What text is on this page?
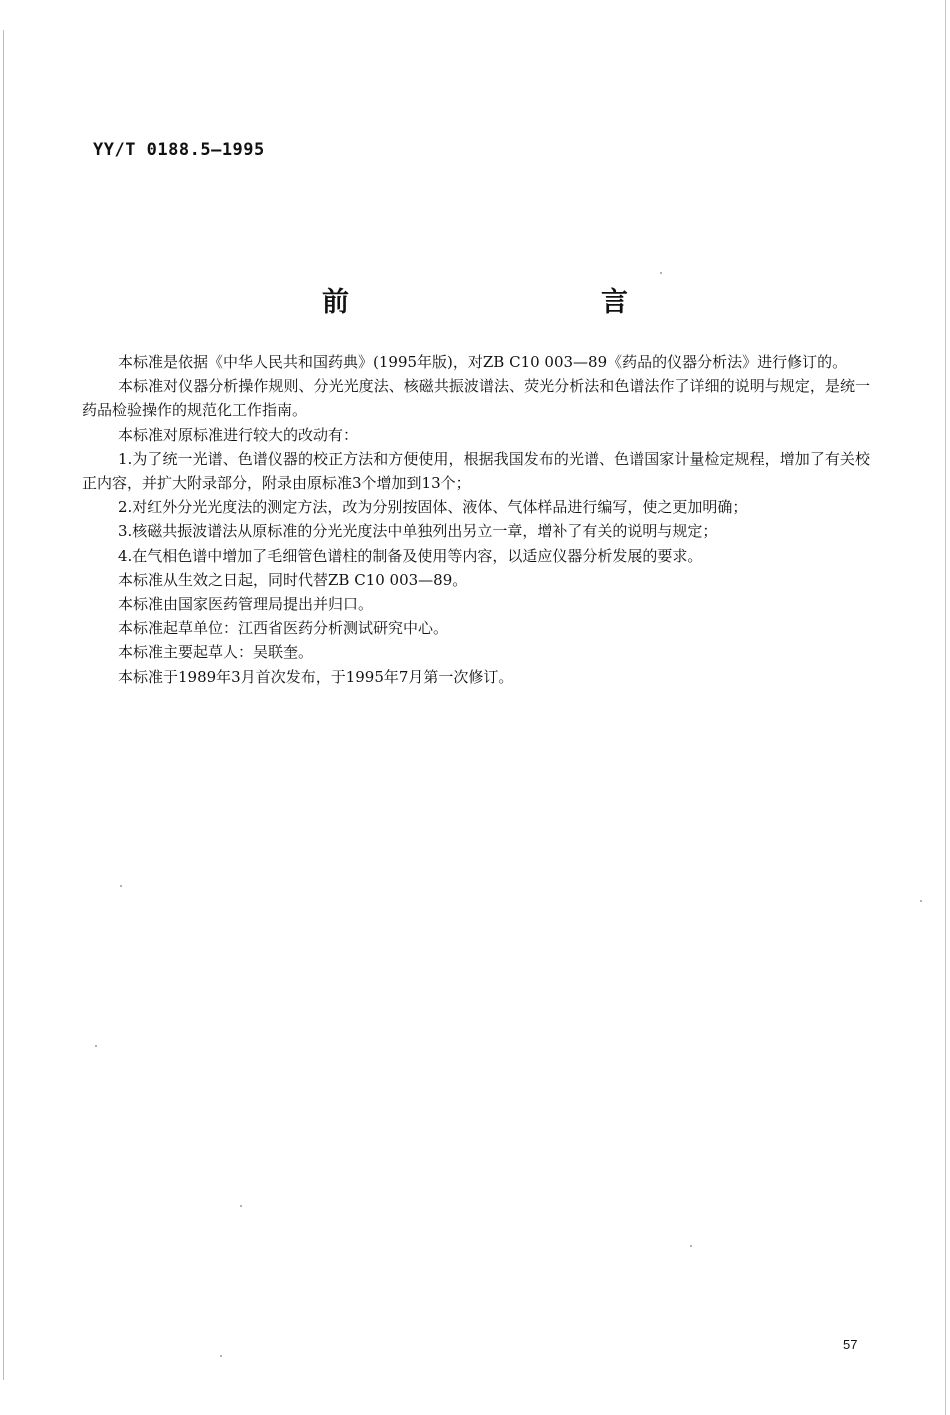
YY/T 0188.5—1995
前　　言

本标准是依据《中华人民共和国药典》(1995年版)，对ZB C10 003—89《药品的仪器分析法》进行修订的。

本标准对仪器分析操作规则、分光光度法、核磁共振波谱法、荧光分析法和色谱法作了详细的说明与规定，是统一药品检验操作的规范化工作指南。

本标准对原标准进行较大的改动有：

1.为了统一光谱、色谱仪器的校正方法和方便使用，根据我国发布的光谱、色谱国家计量检定规程，增加了有关校正内容，并扩大附录部分，附录由原标准3个增加到13个；

2.对红外分光光度法的测定方法，改为分别按固体、液体、气体样品进行编写，使之更加明确；

3.核磁共振波谱法从原标准的分光光度法中单独列出另立一章，增补了有关的说明与规定；

4.在气相色谱中增加了毛细管色谱柱的制备及使用等内容，以适应仪器分析发展的要求。

本标准从生效之日起，同时代替ZB C10 003—89。

本标准由国家医药管理局提出并归口。

本标准起草单位：江西省医药分析测试研究中心。

本标准主要起草人：吴联奎。

本标准于1989年3月首次发布，于1995年7月第一次修订。

57
